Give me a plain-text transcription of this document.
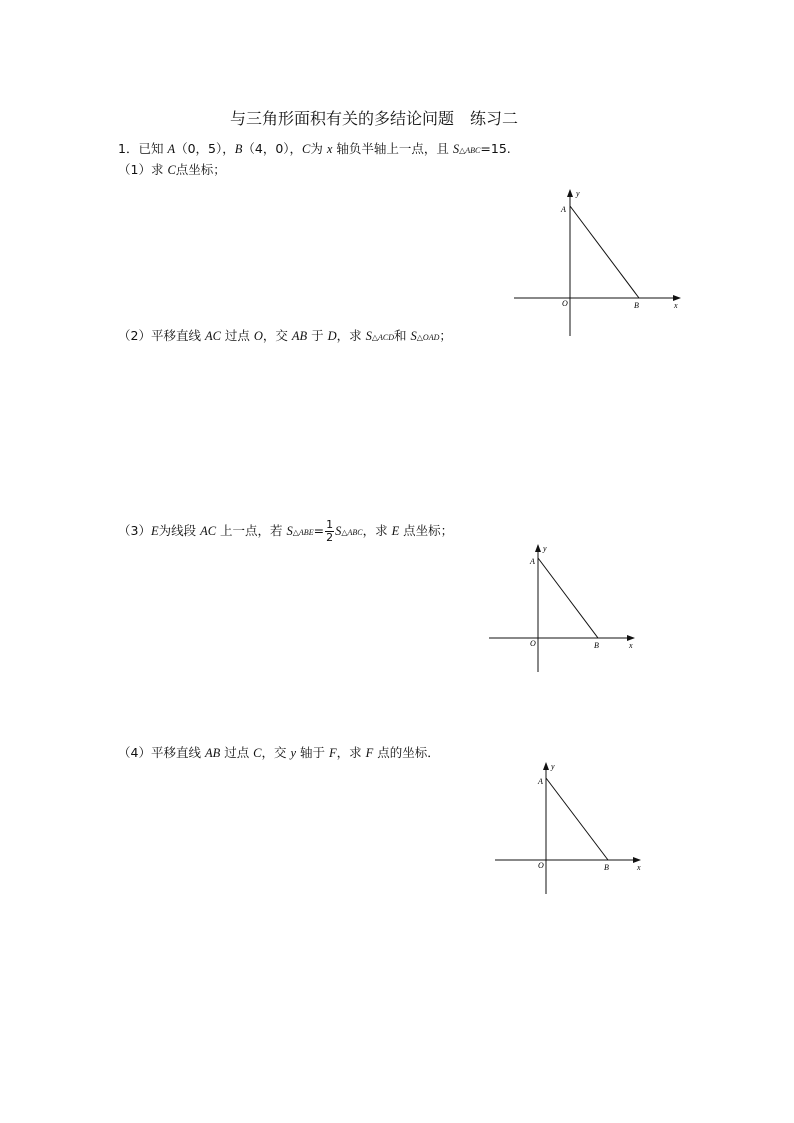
与三角形面积有关的多结论问题　练习二
1．已知 A（0，5），B（4，0），C为 x 轴负半轴上一点，且 S△ABC=15.
（1）求 C点坐标；
y
x
A
B
O
（2）平移直线 AC 过点 O，交 AB 于 D，求 S△ACD和 S△OAD；
（3）E为线段 AC 上一点，若 S△ABE= $\frac{1}{2}$ S△ABC，求 E 点坐标；
y
x
A
B
O
（4）平移直线 AB 过点 C，交 y 轴于 F，求 F 点的坐标．
y
x
A
B
O
